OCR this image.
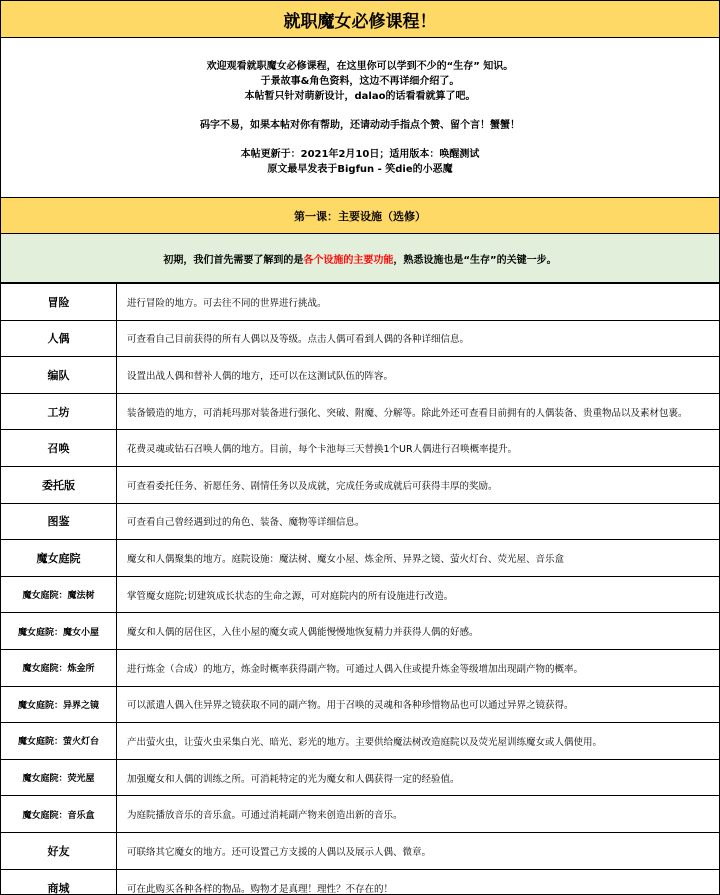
就职魔女必修课程！
欢迎观看就职魔女必修课程，在这里你可以学到不少的“生存” 知识。
于景故事&角色资料，这边不再详细介绍了。
本帖暂只针对萌新设计，dalao的话看看就算了吧。
码字不易，如果本帖对你有帮助，还请动动手指点个赞、留个言！蟹蟹！
本帖更新于：2021年2月10日；适用版本：唤醒测试
原文最早发表于Bigfun - 笑die的小恶魔
第一课：主要设施（选修）
初期，我们首先需要了解到的是 各个设施的主要功能 ，熟悉设施也是“生存”的关键一步。
冒险	进行冒险的地方。可去往不同的世界进行挑战。
人偶	可查看自己目前获得的所有人偶以及等级。点击人偶可看到人偶的各种详细信息。
编队	设置出战人偶和替补人偶的地方，还可以在这测试队伍的阵容。
工坊	装备锻造的地方，可消耗玛那对装备进行强化、突破、附魔、分解等。除此外还可查看目前拥有的人偶装备、贵重物品以及素材包裹。
召唤	花费灵魂或钻石召唤人偶的地方。目前，每个卡池每三天替换1个UR人偶进行召唤概率提升。
委托版	可查看委托任务、祈愿任务、剧情任务以及成就，完成任务或成就后可获得丰厚的奖励。
图鉴	可查看自己曾经遇到过的角色、装备、魔物等详细信息。
魔女庭院	魔女和人偶聚集的地方。庭院设施：魔法树、魔女小屋、炼金所、异界之镜、萤火灯台、荧光屋、音乐盒
魔女庭院：魔法树	掌管魔女庭院;切建筑成长状态的生命之源，可对庭院内的所有设施进行改造。
魔女庭院：魔女小屋	魔女和人偶的居住区，入住小屋的魔女或人偶能慢慢地恢复精力并获得人偶的好感。
魔女庭院：炼金所	进行炼金（合成）的地方，炼金时概率获得副产物。可通过人偶入住或提升炼金等级增加出现副产物的概率。
魔女庭院：异界之镜	可以派遣人偶入住异界之镜获取不同的副产物。用于召唤的灵魂和各种珍惜物品也可以通过异界之镜获得。
魔女庭院：萤火灯台	产出萤火虫，让萤火虫采集白光、暗光、彩光的地方。主要供给魔法树改造庭院以及荧光屋训练魔女或人偶使用。
魔女庭院：荧光屋	加强魔女和人偶的训练之所。可消耗特定的光为魔女和人偶获得一定的经验值。
魔女庭院：音乐盒	为庭院播放音乐的音乐盒。可通过消耗副产物来创造出新的音乐。
好友	可联络其它魔女的地方。还可设置己方支援的人偶以及展示人偶、微章。
商城	可在此购买各种各样的物品。购物才是真理！理性？不存在的！
